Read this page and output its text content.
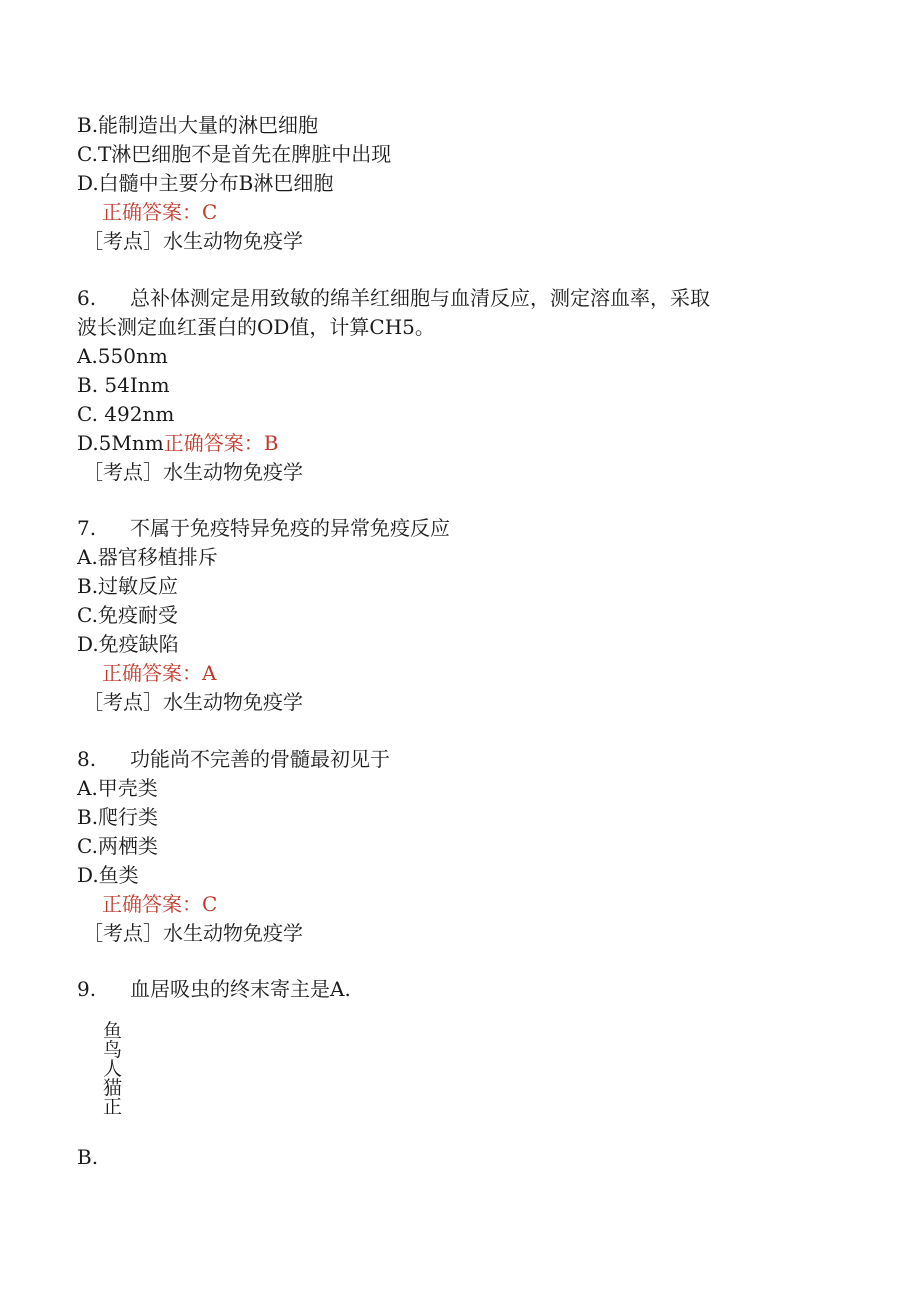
B.能制造出大量的淋巴细胞
C.T淋巴细胞不是首先在脾脏中出现
D.白髓中主要分布B淋巴细胞
正确答案：C
［考点］水生动物免疫学
6. 总补体测定是用致敏的绵羊红细胞与血清反应，测定溶血率，采取
波长测定血红蛋白的OD值，计算CH5。
A.550nm
B. 54Inm
C. 492nm
D.5Mnm正确答案：B
［考点］水生动物免疫学
7. 不属于免疫特异免疫的异常免疫反应
A.器官移植排斥
B.过敏反应
C.免疫耐受
D.免疫缺陷
正确答案：A
［考点］水生动物免疫学
8. 功能尚不完善的骨髓最初见于
A.甲壳类
B.爬行类
C.两栖类
D.鱼类
正确答案：C
［考点］水生动物免疫学
9. 血居吸虫的终末寄主是A.
鱼
鸟
人
猫
正
B.
